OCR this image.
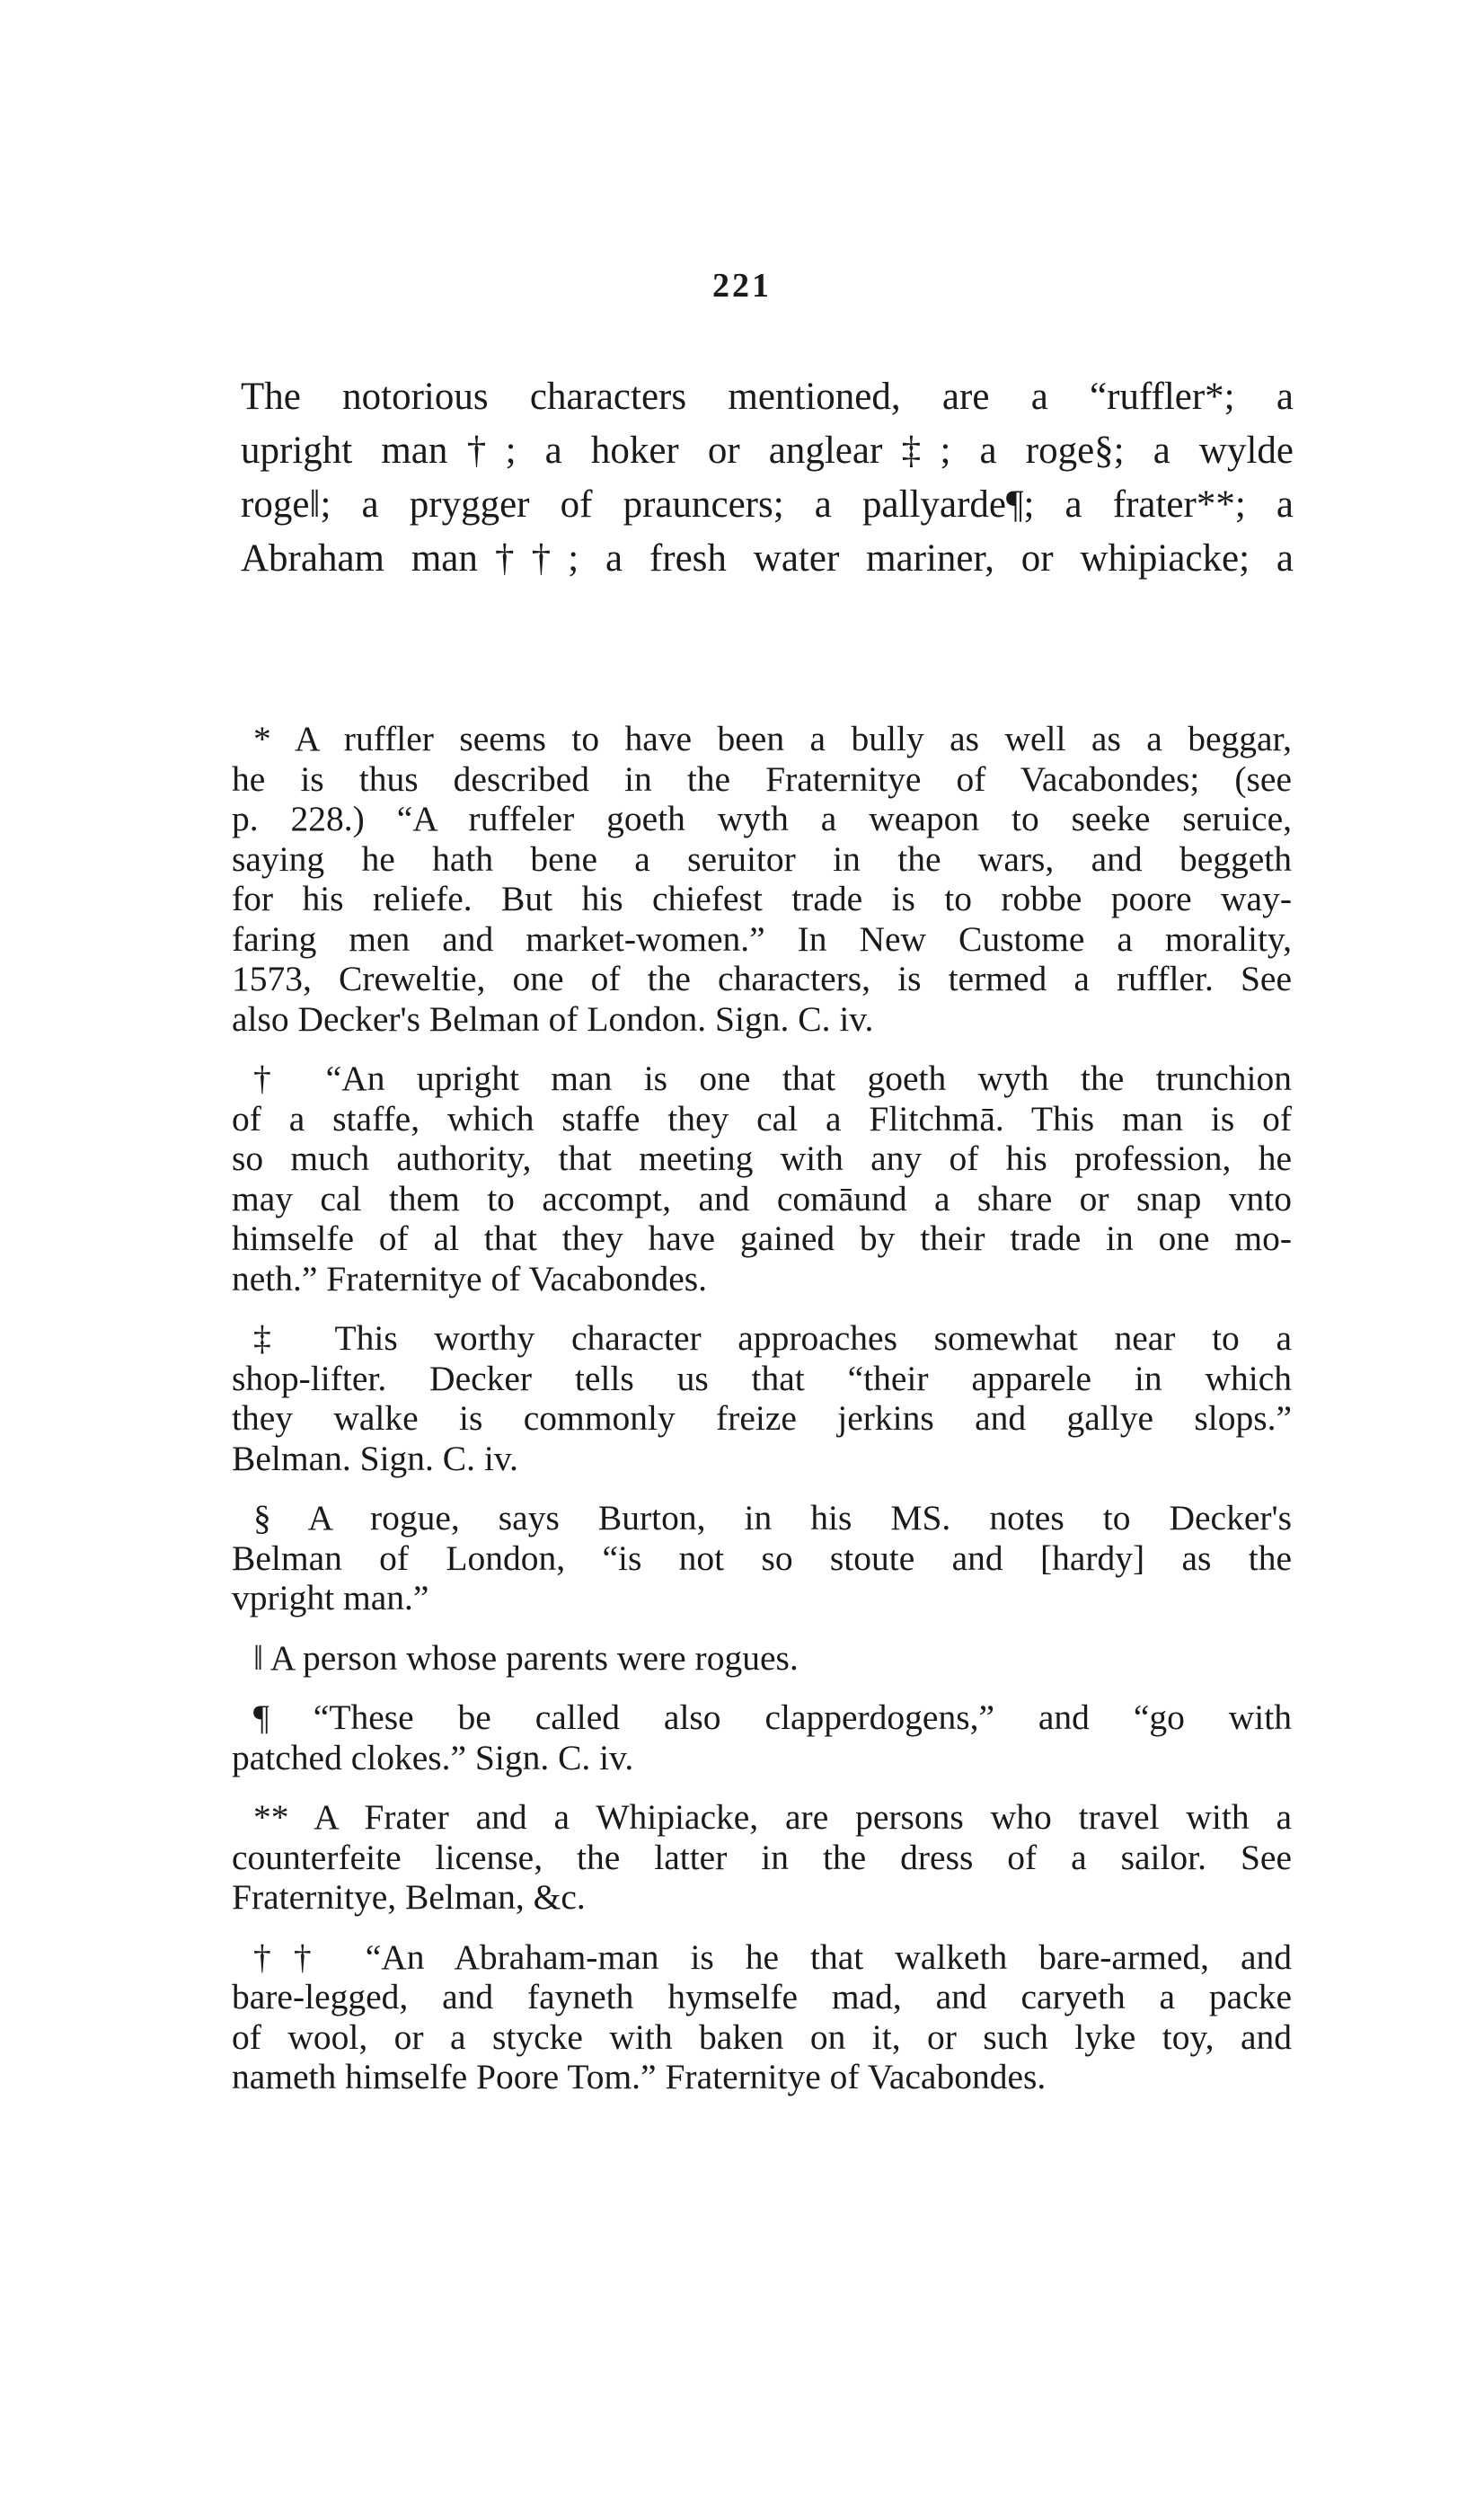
221
The notorious characters mentioned, are a “ruffler*; a
upright man†; a hoker or anglear‡; a roge§; a wylde
roge‖; a prygger of prauncers; a pallyarde¶; a frater**; a
Abraham man††; a fresh water mariner, or whipiacke; a
* A ruffler seems to have been a bully as well as a beggar,
he is thus described in the Fraternitye of Vacabondes; (see
p. 228.) “A ruffeler goeth wyth a weapon to seeke seruice,
saying he hath bene a seruitor in the wars, and beggeth
for his reliefe. But his chiefest trade is to robbe poore way-
faring men and market-women.” In New Custome a morality,
1573, Creweltie, one of the characters, is termed a ruffler. See
also Decker's Belman of London. Sign. C. iv.
† “An upright man is one that goeth wyth the trunchion
of a staffe, which staffe they cal a Flitchmā. This man is of
so much authority, that meeting with any of his profession, he
may cal them to accompt, and comāund a share or snap vnto
himselfe of al that they have gained by their trade in one mo-
neth.” Fraternitye of Vacabondes.
‡ This worthy character approaches somewhat near to a
shop-lifter. Decker tells us that “their apparele in which
they walke is commonly freize jerkins and gallye slops.”
Belman. Sign. C. iv.
§ A rogue, says Burton, in his MS. notes to Decker's
Belman of London, “is not so stoute and [hardy] as the
vpright man.”
‖ A person whose parents were rogues.
¶ “These be called also clapperdogens,” and “go with
patched clokes.” Sign. C. iv.
** A Frater and a Whipiacke, are persons who travel with a
counterfeite license, the latter in the dress of a sailor. See
Fraternitye, Belman, &c.
†† “An Abraham-man is he that walketh bare-armed, and
bare-legged, and fayneth hymselfe mad, and caryeth a packe
of wool, or a stycke with baken on it, or such lyke toy, and
nameth himselfe Poore Tom.” Fraternitye of Vacabondes.
